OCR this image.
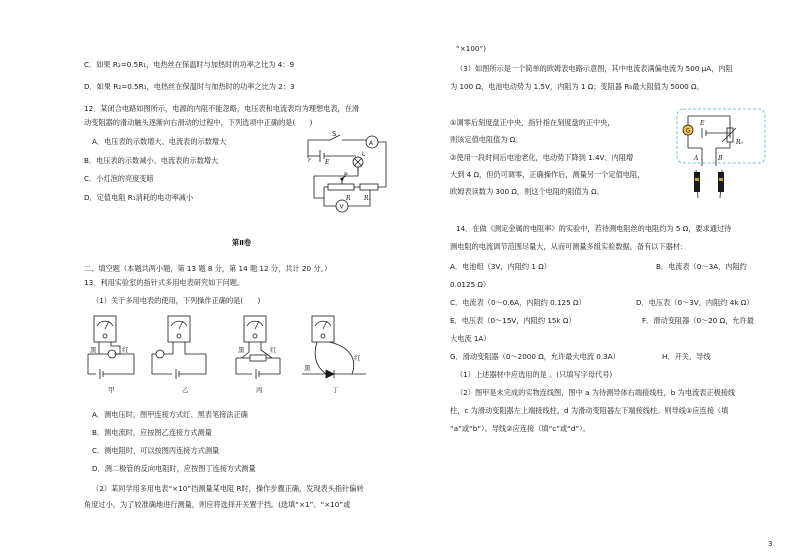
C．如果 R₂=0.5R₁，电热丝在保温时与加热时的功率之比为 4：9
D．如果 R₂=0.5R₁，电热丝在保温时与加热时的功率之比为 2：3
12．某闭合电路如图所示，电源的内阻不能忽略，电压表和电流表均为理想电表，在滑
动变阻器的滑动触头逐渐向右滑动的过程中，下列选项中正确的是(　　)
A．电压表的示数增大、电流表的示数增大
B．电压表的示数减小、电流表的示数增大
C．小灯泡的亮度变暗
D．定值电阻 R₁消耗的电功率减小
第Ⅱ卷
二、填空题（本题共两小题，第 13 题 8 分，第 14 题 12 分，共计 20 分。）
13．利用实验室的指针式多用电表研究如下问题。
（1）关于多用电表的使用，下列操作正确的是(　　)
A．测电压时，图甲连接方式红、黑表笔接法正确
B．测电流时，应按图乙连接方式测量
C．测电阻时，可以按图丙连接方式测量
D．测二极管的反向电阻时，应按图丁连接方式测量
（2）某同学用多用电表“×10”挡测量某电阻 R时，操作步骤正确，发现表头指针偏转
角度过小，为了较准确地进行测量，则应将选择开关置于挡。(选填“×1”、“×10”或
S
A
r E
L
P
V
R R₁
黑	红
甲	乙
黑	红
丙
黑
红
丁
“×100”)
（3）如图所示是一个简单的欧姆表电路示意图，其中电流表满偏电流为 500 μA，内阻
为 100 Ω，电池电动势为 1.5V，内阻为 1 Ω；变阻器 R₀最大阻值为 5000 Ω。
①调零后刻度盘正中央，指针指在刻度盘的正中央，
则该定值电阻值为 Ω。
②使用一段时间后电池老化，电动势下降到 1.4V、内阻增
大到 4 Ω，但仍可调零，正确操作后，测量另一个定值电阻，
欧姆表读数为 300 Ω，则这个电阻的阻值为 Ω。
14．在做《测定金属的电阻率》的实验中，若待测电阻丝的电阻约为 5 Ω，要求通过待
测电阻的电流调节范围尽量大，从而可测量多组实验数据，备有以下器材：
A．电池组（3V，内阻约 1 Ω）	B．电流表（0～3A，内阻约
0.0125 Ω）
C．电流表（0～0.6A，内阻约 0.125 Ω）	D．电压表（0～3V，内阻约 4k Ω）
E．电压表（0～15V，内阻约 15k Ω）	F．滑动变阻器（0～20 Ω，允许最
大电流 1A）
G．滑动变阻器（0～2000 Ω，允许最大电流 0.3A）	H．开关、导线
（1）上述器材中应选用的是 。(只填写字母代号)
（2）图甲是未完成的实物连线图，图中 a 为待测导体右端接线柱，b 为电流表正极接线
柱，c 为滑动变阻器左上端接线柱，d 为滑动变阻器左下端接线柱。则导线①应连接（填
“a”或“b”）。导线②应连接（填“c”或“d”）。
G
E
R₀
A	B
3
